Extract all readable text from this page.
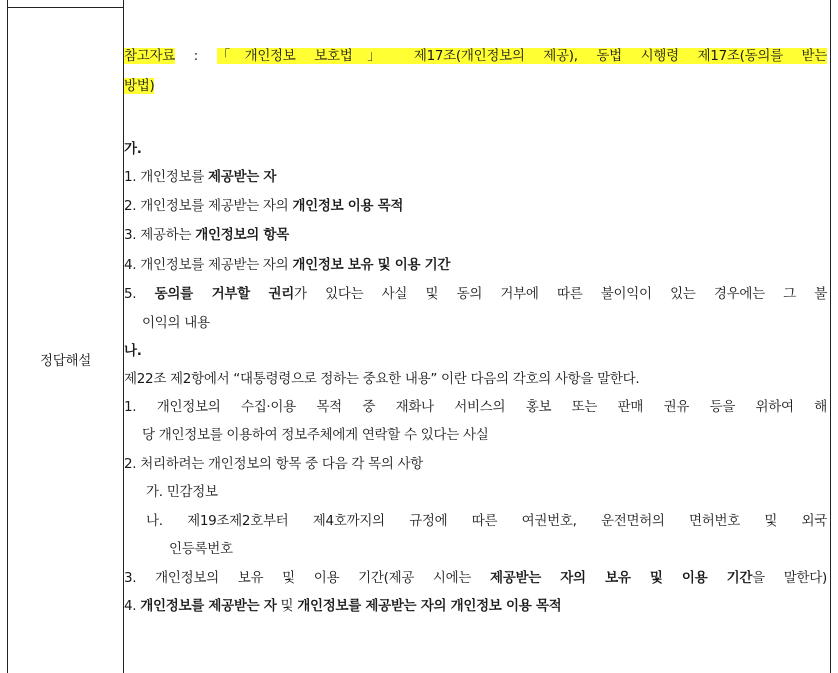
정답해설
참고자료 : 「개인정보 보호법」 제17조(개인정보의 제공), 동법 시행령 제17조(동의를 받는
방법)
가.
1. 개인정보를 제공받는 자
2. 개인정보를 제공받는 자의 개인정보 이용 목적
3. 제공하는 개인정보의 항목
4. 개인정보를 제공받는 자의 개인정보 보유 및 이용 기간
5. 동의를 거부할 권리가 있다는 사실 및 동의 거부에 따른 불이익이 있는 경우에는 그 불
이익의 내용
나.
제22조 제2항에서 “대통령령으로 정하는 중요한 내용” 이란 다음의 각호의 사항을 말한다.
1. 개인정보의 수집·이용 목적 중 재화나 서비스의 홍보 또는 판매 권유 등을 위하여 해
당 개인정보를 이용하여 정보주체에게 연락할 수 있다는 사실
2. 처리하려는 개인정보의 항목 중 다음 각 목의 사항
가. 민감정보
나. 제19조제2호부터 제4호까지의 규정에 따른 여권번호, 운전면허의 면허번호 및 외국
인등록번호
3. 개인정보의 보유 및 이용 기간(제공 시에는 제공받는 자의 보유 및 이용 기간을 말한다)
4. 개인정보를 제공받는 자 및 개인정보를 제공받는 자의 개인정보 이용 목적
